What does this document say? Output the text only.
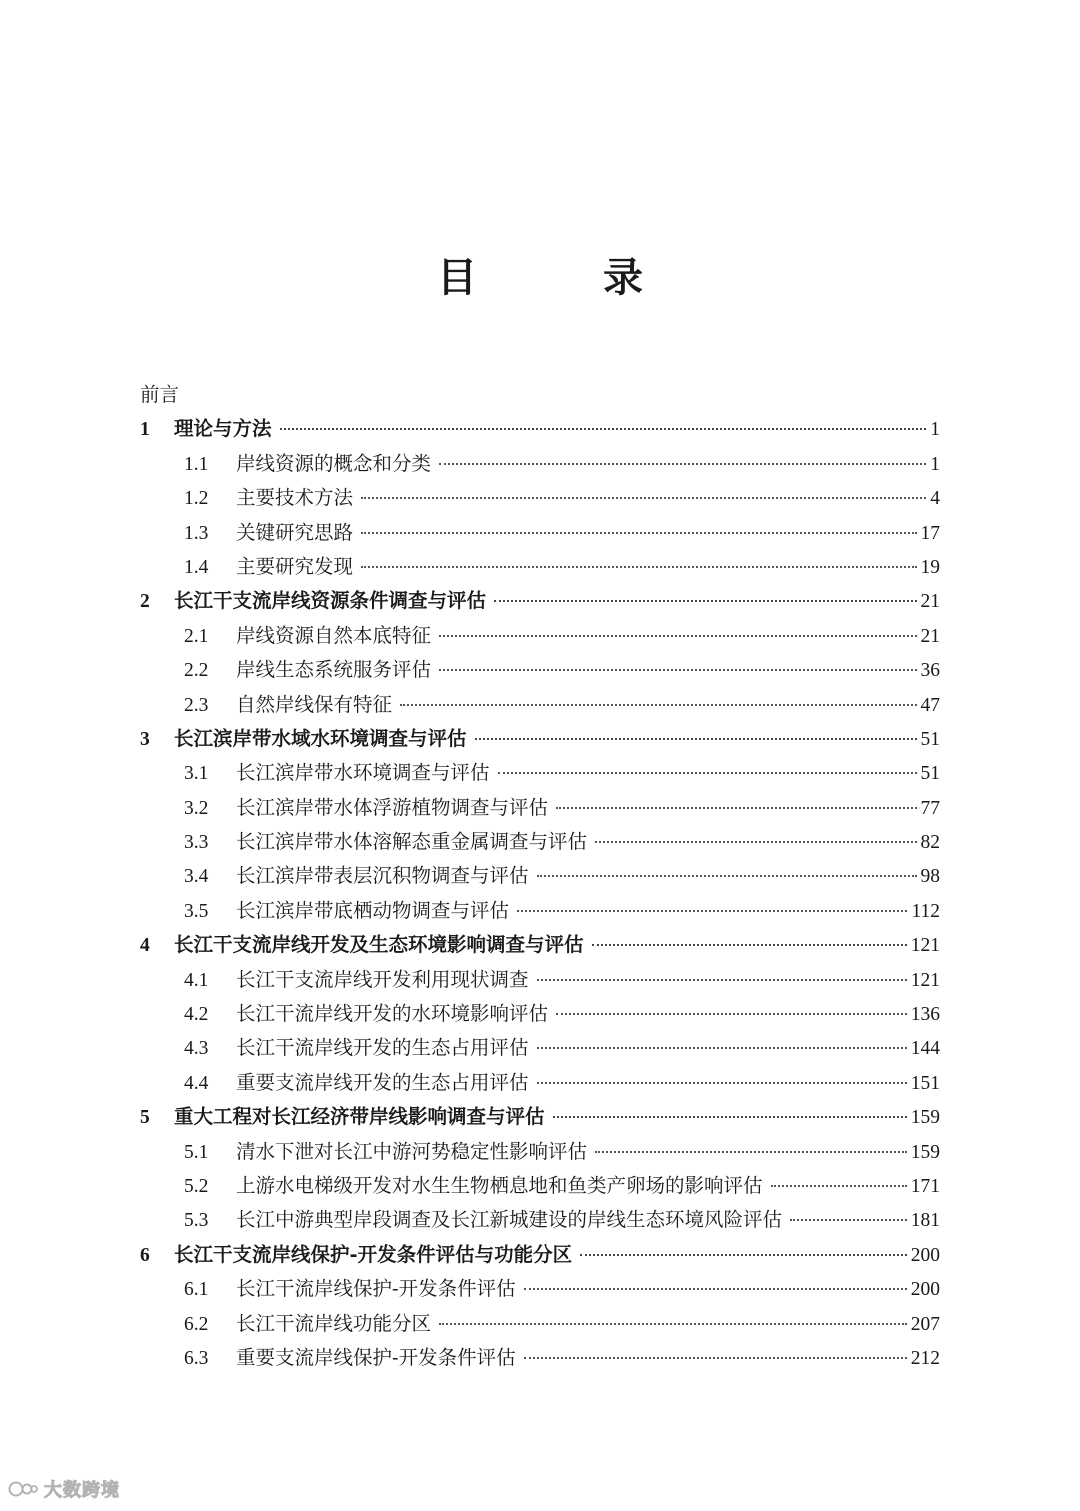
目 录
前言
1	理论与方法	1
1.1	岸线资源的概念和分类	1
1.2	主要技术方法	4
1.3	关键研究思路	17
1.4	主要研究发现	19
2	长江干支流岸线资源条件调查与评估	21
2.1	岸线资源自然本底特征	21
2.2	岸线生态系统服务评估	36
2.3	自然岸线保有特征	47
3	长江滨岸带水域水环境调查与评估	51
3.1	长江滨岸带水环境调查与评估	51
3.2	长江滨岸带水体浮游植物调查与评估	77
3.3	长江滨岸带水体溶解态重金属调查与评估	82
3.4	长江滨岸带表层沉积物调查与评估	98
3.5	长江滨岸带底栖动物调查与评估	112
4	长江干支流岸线开发及生态环境影响调查与评估	121
4.1	长江干支流岸线开发利用现状调查	121
4.2	长江干流岸线开发的水环境影响评估	136
4.3	长江干流岸线开发的生态占用评估	144
4.4	重要支流岸线开发的生态占用评估	151
5	重大工程对长江经济带岸线影响调查与评估	159
5.1	清水下泄对长江中游河势稳定性影响评估	159
5.2	上游水电梯级开发对水生生物栖息地和鱼类产卵场的影响评估	171
5.3	长江中游典型岸段调查及长江新城建设的岸线生态环境风险评估	181
6	长江干支流岸线保护-开发条件评估与功能分区	200
6.1	长江干流岸线保护-开发条件评估	200
6.2	长江干流岸线功能分区	207
6.3	重要支流岸线保护-开发条件评估	212
大数跨境
